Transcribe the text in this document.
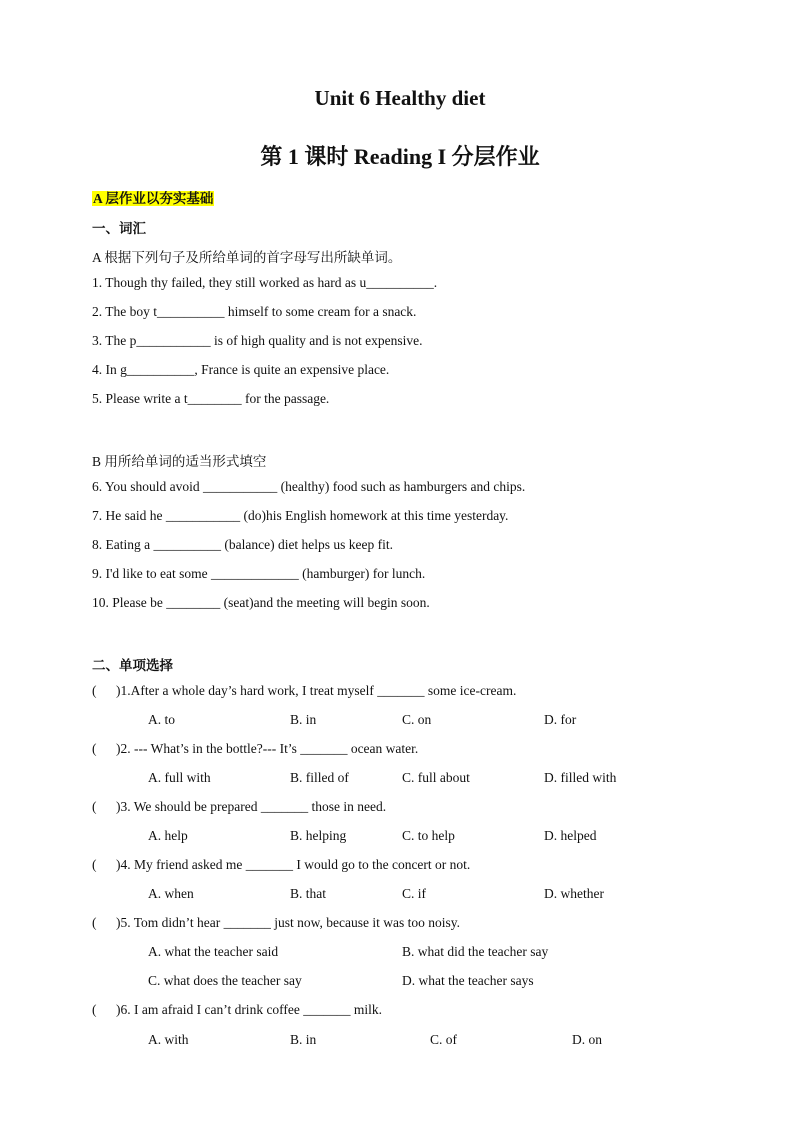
Unit 6 Healthy diet
第 1 课时 Reading I 分层作业
A 层作业以夯实基础
一、词汇
A 根据下列句子及所给单词的首字母写出所缺单词。
1. Though thy failed, they still worked as hard as u__________.
2. The boy t__________ himself to some cream for a snack.
3. The p___________ is of high quality and is not expensive.
4. In g__________, France is quite an expensive place.
5. Please write a t________ for the passage.
B 用所给单词的适当形式填空
6. You should avoid ___________ (healthy) food such as hamburgers and chips.
7. He said he ___________ (do)his English homework at this time yesterday.
8. Eating a __________ (balance) diet helps us keep fit.
9. I'd like to eat some _____________ (hamburger) for lunch.
10. Please be ________ (seat)and the meeting will begin soon.
二、单项选择
( )1.After a whole day’s hard work, I treat myself _______ some ice-cream.
A. to	B. in	C. on	D. for
( )2. --- What’s in the bottle?--- It’s _______ ocean water.
A. full with	B. filled of	C. full about	D. filled with
( )3. We should be prepared _______ those in need.
A. help	B. helping	C. to help	D. helped
( )4. My friend asked me _______ I would go to the concert or not.
A. when	B. that	C. if	D. whether
( )5. Tom didn’t hear _______ just now, because it was too noisy.
A. what the teacher said	B. what did the teacher say
C. what does the teacher say	D. what the teacher says
( )6. I am afraid I can’t drink coffee _______ milk.
A. with	B. in	C. of	D. on
